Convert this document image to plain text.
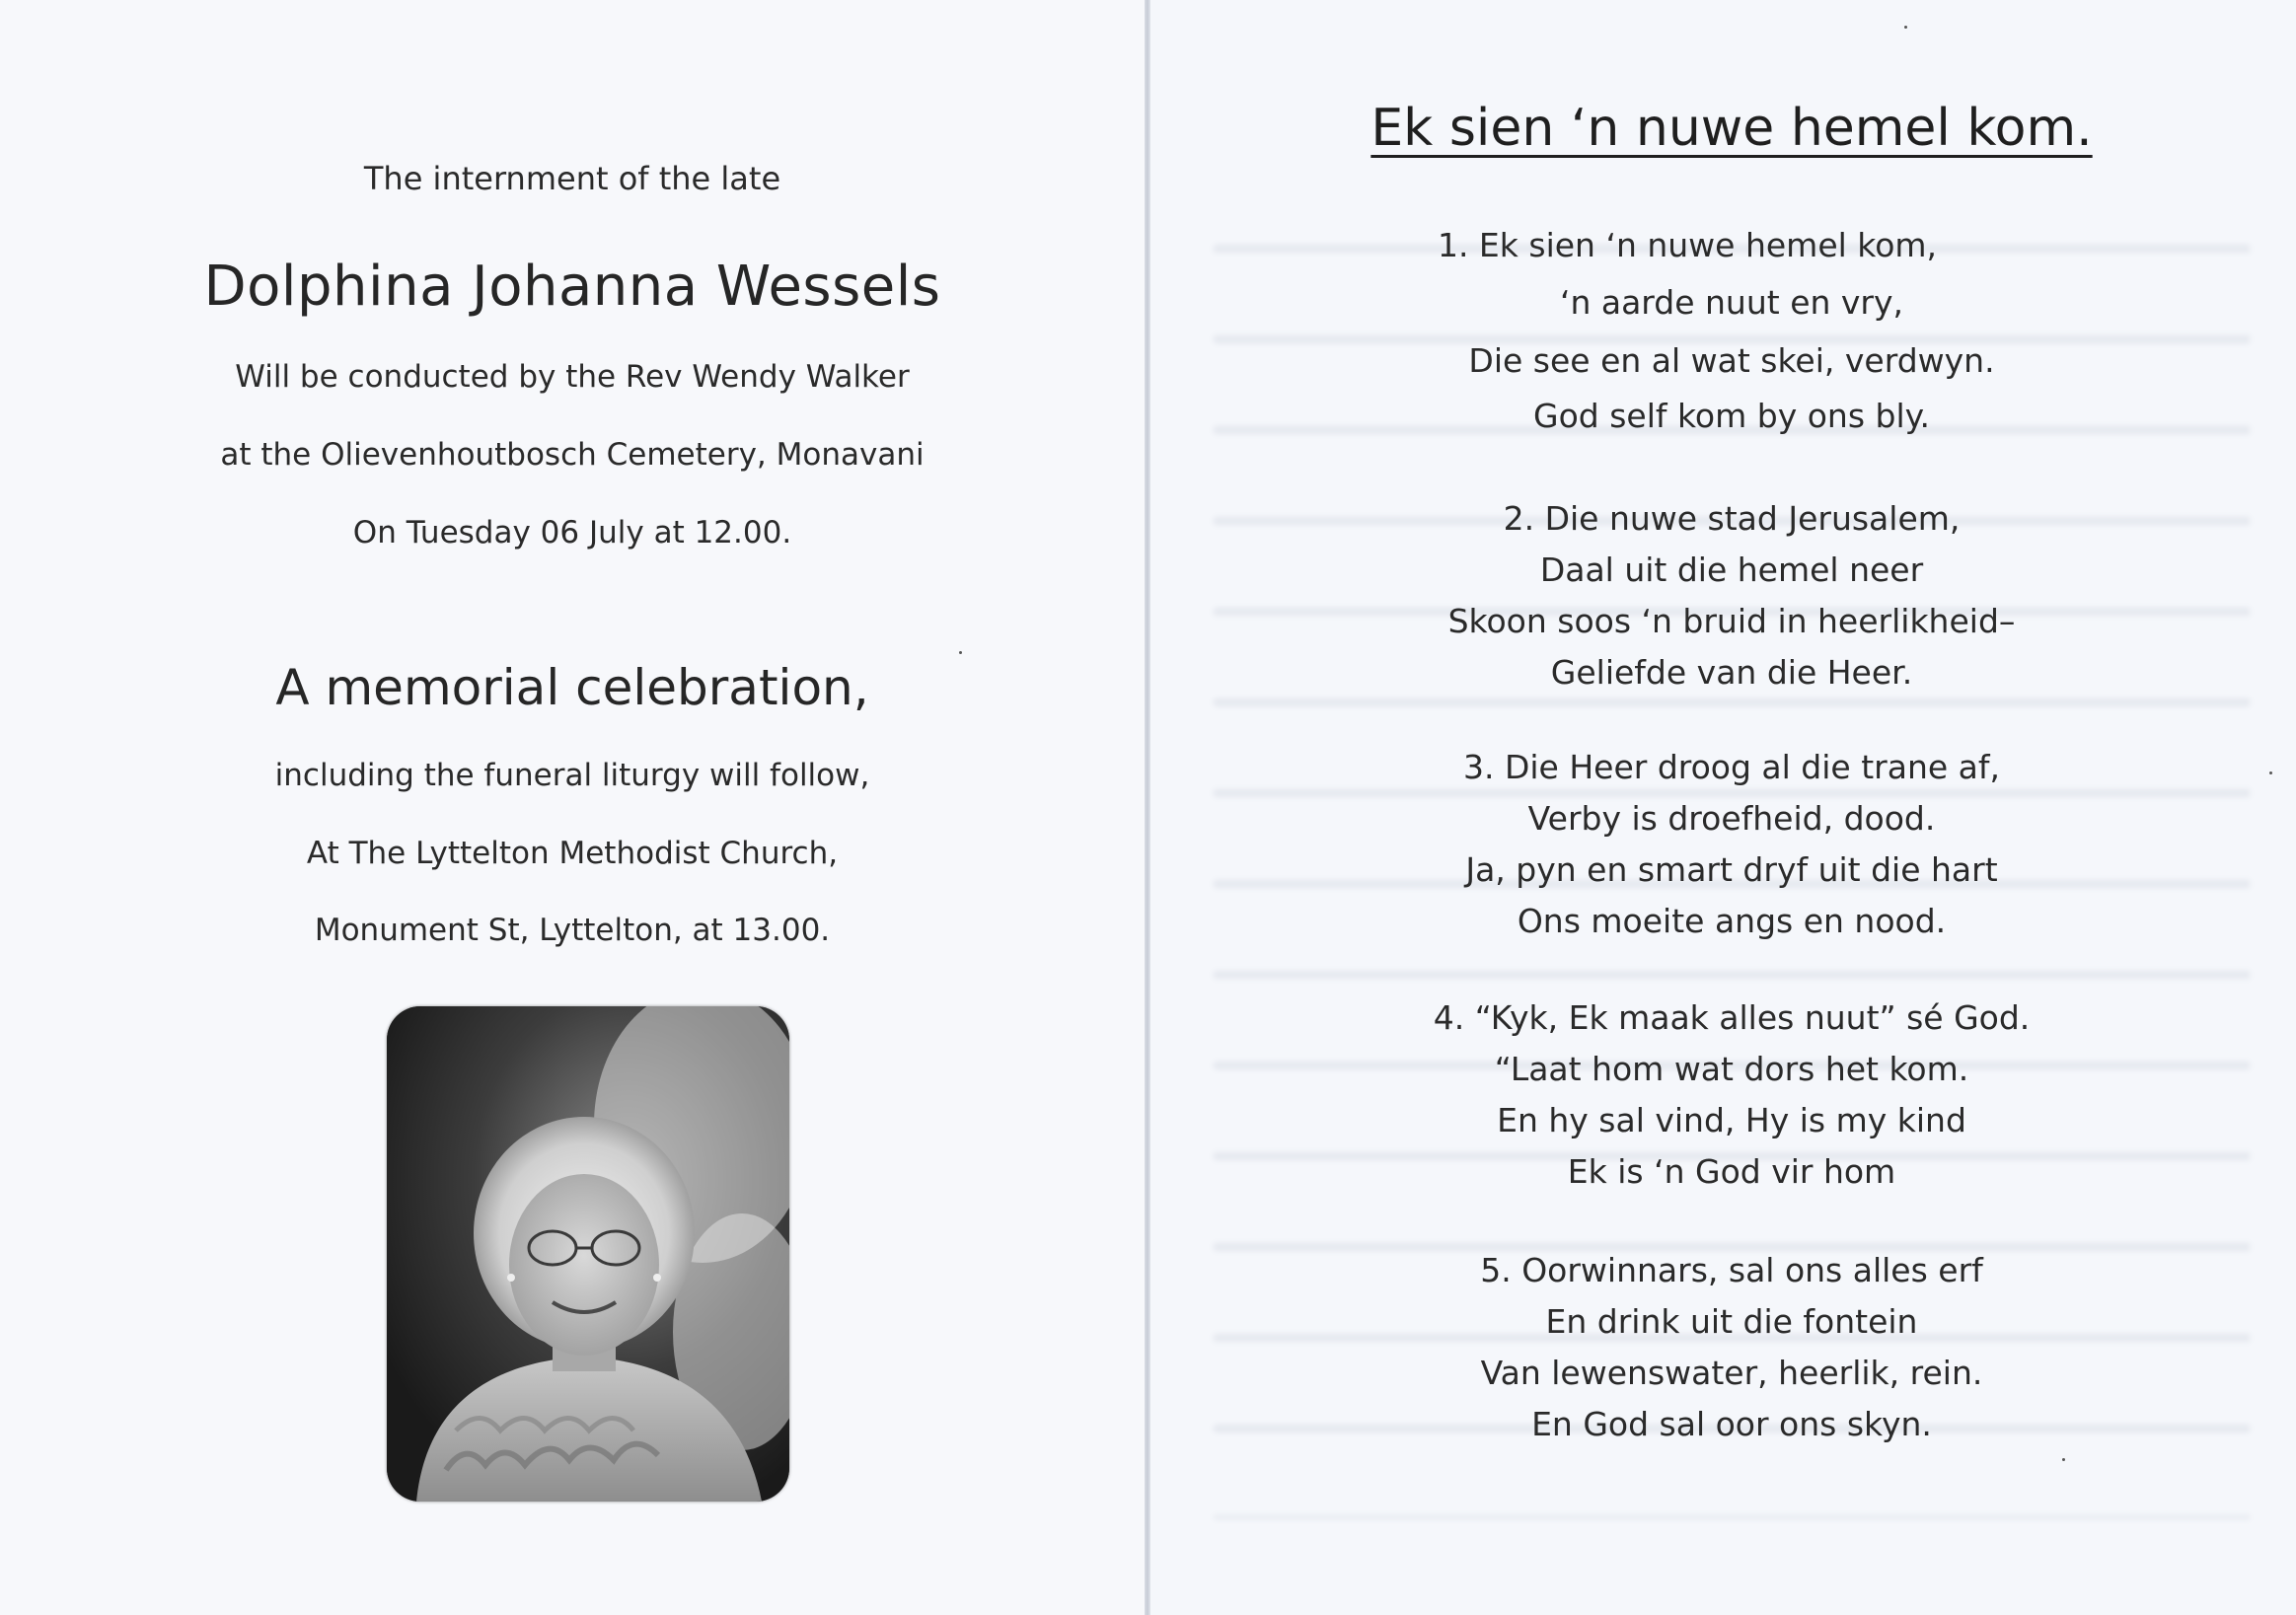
The internment of the late
Dolphina Johanna Wessels
Will be conducted by the Rev Wendy Walker
at the Olievenhoutbosch Cemetery, Monavani
On Tuesday 06 July at 12.00.
A memorial celebration,
including the funeral liturgy will follow,
At The Lyttelton Methodist Church,
Monument St, Lyttelton, at 13.00.
Ek sien ‘n nuwe hemel kom.
1. Ek sien ‘n nuwe hemel kom,
‘n aarde nuut en vry,
Die see en al wat skei, verdwyn.
God self kom by ons bly.
2. Die nuwe stad Jerusalem,
Daal uit die hemel neer
Skoon soos ‘n bruid in heerlikheid–
Geliefde van die Heer.
3. Die Heer droog al die trane af,
Verby is droefheid, dood.
Ja, pyn en smart dryf uit die hart
Ons moeite angs en nood.
4. “Kyk, Ek maak alles nuut” sé God.
“Laat hom wat dors het kom.
En hy sal vind, Hy is my kind
Ek is ‘n God vir hom
5. Oorwinnars, sal ons alles erf
En drink uit die fontein
Van lewenswater, heerlik, rein.
En God sal oor ons skyn.
